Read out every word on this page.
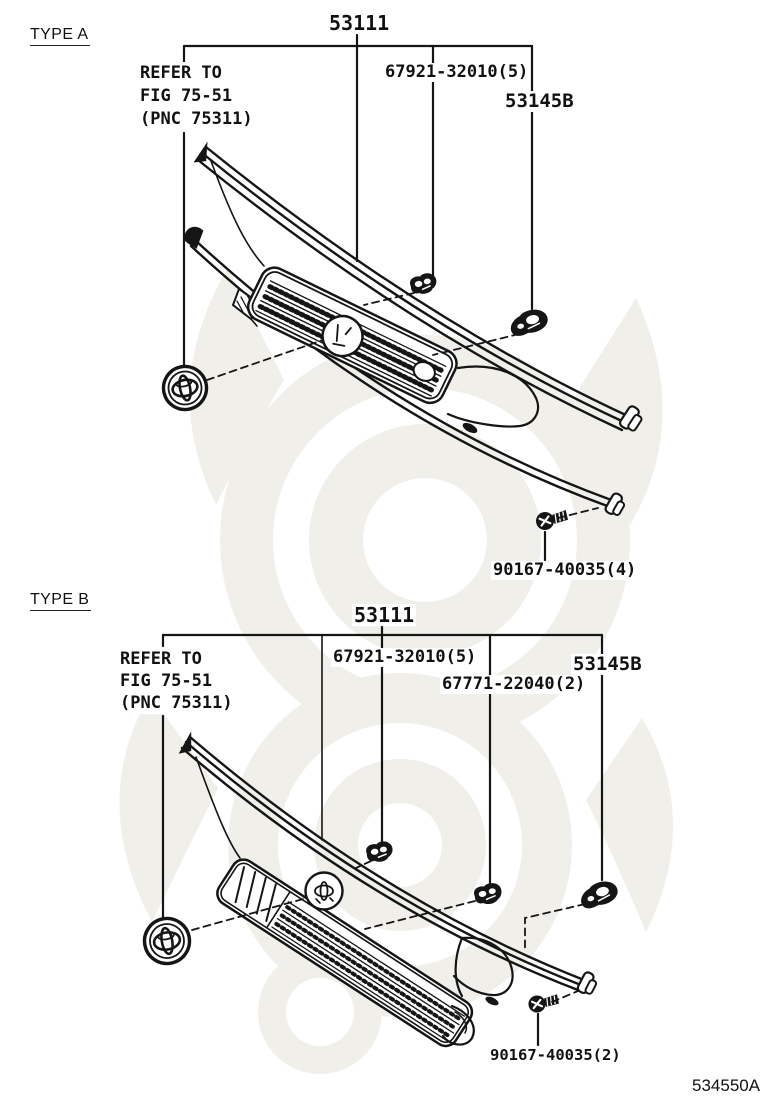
TYPE A	53111
REFER TO
FIG 75-51
(PNC 75311)
67921-32010(5)
53145B
90167-40035(4)
TYPE B
53111
REFER TO
FIG 75-51
(PNC 75311)
67921-32010(5)	53145B
67771-22040(2)
90167-40035(2)
534550A
